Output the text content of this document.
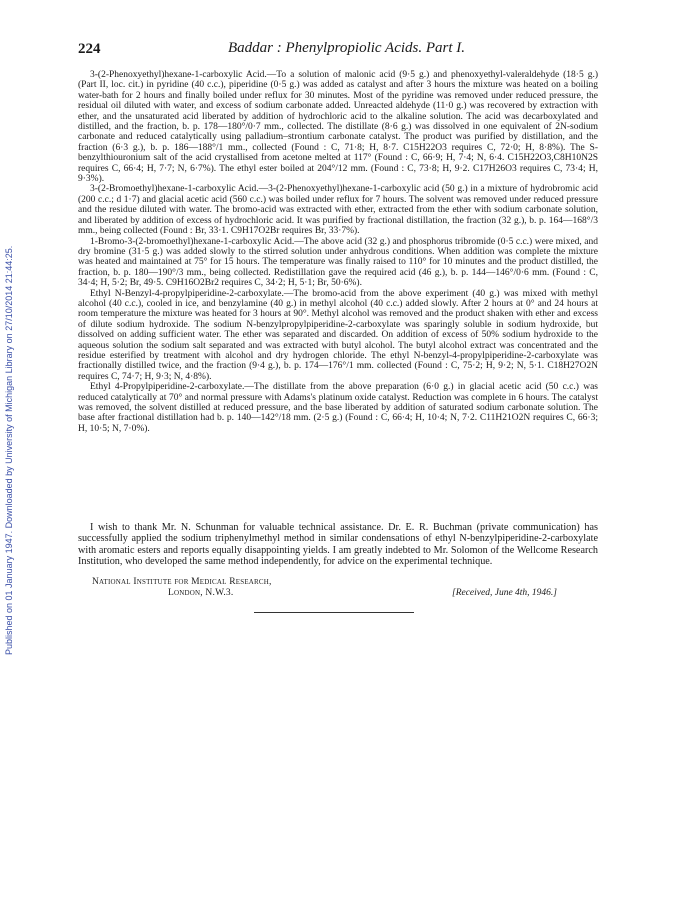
Published on 01 January 1947. Downloaded by University of Michigan Library on 27/10/2014 21:44:25.
224	Baddar : Phenylpropiolic Acids. Part I.

3-(2-Phenoxyethyl)hexane-1-carboxylic Acid.—To a solution of malonic acid (9·5 g.) and phenoxyethyl-valeraldehyde (18·5 g.) (Part II, loc. cit.) in pyridine (40 c.c.), piperidine (0·5 g.) was added as catalyst and after 3 hours the mixture was heated on a boiling water-bath for 2 hours and finally boiled under reflux for 30 minutes. Most of the pyridine was removed under reduced pressure, the residual oil diluted with water, and excess of sodium carbonate added. Unreacted aldehyde (11·0 g.) was recovered by extraction with ether, and the unsaturated acid liberated by addition of hydrochloric acid to the alkaline solution. The acid was decarboxylated and distilled, and the fraction, b. p. 178—180°/0·7 mm., collected. The distillate (8·6 g.) was dissolved in one equivalent of 2N-sodium carbonate and reduced catalytically using palladium–strontium carbonate catalyst. The product was purified by distillation, and the fraction (6·3 g.), b. p. 186—188°/1 mm., collected (Found : C, 71·8; H, 8·7. C15H22O3 requires C, 72·0; H, 8·8%). The S-benzylthiouronium salt of the acid crystallised from acetone melted at 117° (Found : C, 66·9; H, 7·4; N, 6·4. C15H22O3,C8H10N2S requires C, 66·4; H, 7·7; N, 6·7%). The ethyl ester boiled at 204°/12 mm. (Found : C, 73·8; H, 9·2. C17H26O3 requires C, 73·4; H, 9·3%).

3-(2-Bromoethyl)hexane-1-carboxylic Acid.—3-(2-Phenoxyethyl)hexane-1-carboxylic acid (50 g.) in a mixture of hydrobromic acid (200 c.c.; d 1·7) and glacial acetic acid (560 c.c.) was boiled under reflux for 7 hours. The solvent was removed under reduced pressure and the residue diluted with water. The bromo-acid was extracted with ether, extracted from the ether with sodium carbonate solution, and liberated by addition of excess of hydrochloric acid. It was purified by fractional distillation, the fraction (32 g.), b. p. 164—168°/3 mm., being collected (Found : Br, 33·1. C9H17O2Br requires Br, 33·7%).

1-Bromo-3-(2-bromoethyl)hexane-1-carboxylic Acid.—The above acid (32 g.) and phosphorus tribromide (0·5 c.c.) were mixed, and dry bromine (31·5 g.) was added slowly to the stirred solution under anhydrous conditions. When addition was complete the mixture was heated and maintained at 75° for 15 hours. The temperature was finally raised to 110° for 10 minutes and the product distilled, the fraction, b. p. 180—190°/3 mm., being collected. Redistillation gave the required acid (46 g.), b. p. 144—146°/0·6 mm. (Found : C, 34·4; H, 5·2; Br, 49·5. C9H16O2Br2 requires C, 34·2; H, 5·1; Br, 50·6%).

Ethyl N-Benzyl-4-propylpiperidine-2-carboxylate.—The bromo-acid from the above experiment (40 g.) was mixed with methyl alcohol (40 c.c.), cooled in ice, and benzylamine (40 g.) in methyl alcohol (40 c.c.) added slowly. After 2 hours at 0° and 24 hours at room temperature the mixture was heated for 3 hours at 90°. Methyl alcohol was removed and the product shaken with ether and excess of dilute sodium hydroxide. The sodium N-benzylpropylpiperidine-2-carboxylate was sparingly soluble in sodium hydroxide, but dissolved on adding sufficient water. The ether was separated and discarded. On addition of excess of 50% sodium hydroxide to the aqueous solution the sodium salt separated and was extracted with butyl alcohol. The butyl alcohol extract was concentrated and the residue esterified by treatment with alcohol and dry hydrogen chloride. The ethyl N-benzyl-4-propylpiperidine-2-carboxylate was fractionally distilled twice, and the fraction (9·4 g.), b. p. 174—176°/1 mm. collected (Found : C, 75·2; H, 9·2; N, 5·1. C18H27O2N requires C, 74·7; H, 9·3; N, 4·8%).

Ethyl 4-Propylpiperidine-2-carboxylate.—The distillate from the above preparation (6·0 g.) in glacial acetic acid (50 c.c.) was reduced catalytically at 70° and normal pressure with Adams's platinum oxide catalyst. Reduction was complete in 6 hours. The catalyst was removed, the solvent distilled at reduced pressure, and the base liberated by addition of saturated sodium carbonate solution. The base after fractional distillation had b. p. 140—142°/18 mm. (2·5 g.) (Found : C, 66·4; H, 10·4; N, 7·2. C11H21O2N requires C, 66·3; H, 10·5; N, 7·0%).

I wish to thank Mr. N. Schunman for valuable technical assistance. Dr. E. R. Buchman (private communication) has successfully applied the sodium triphenylmethyl method in similar condensations of ethyl N-benzylpiperidine-2-carboxylate with aromatic esters and reports equally disappointing yields. I am greatly indebted to Mr. Solomon of the Wellcome Research Institution, who developed the same method independently, for advice on the experimental technique.

National Institute for Medical Research,
London, N.W.3.	[Received, June 4th, 1946.]
